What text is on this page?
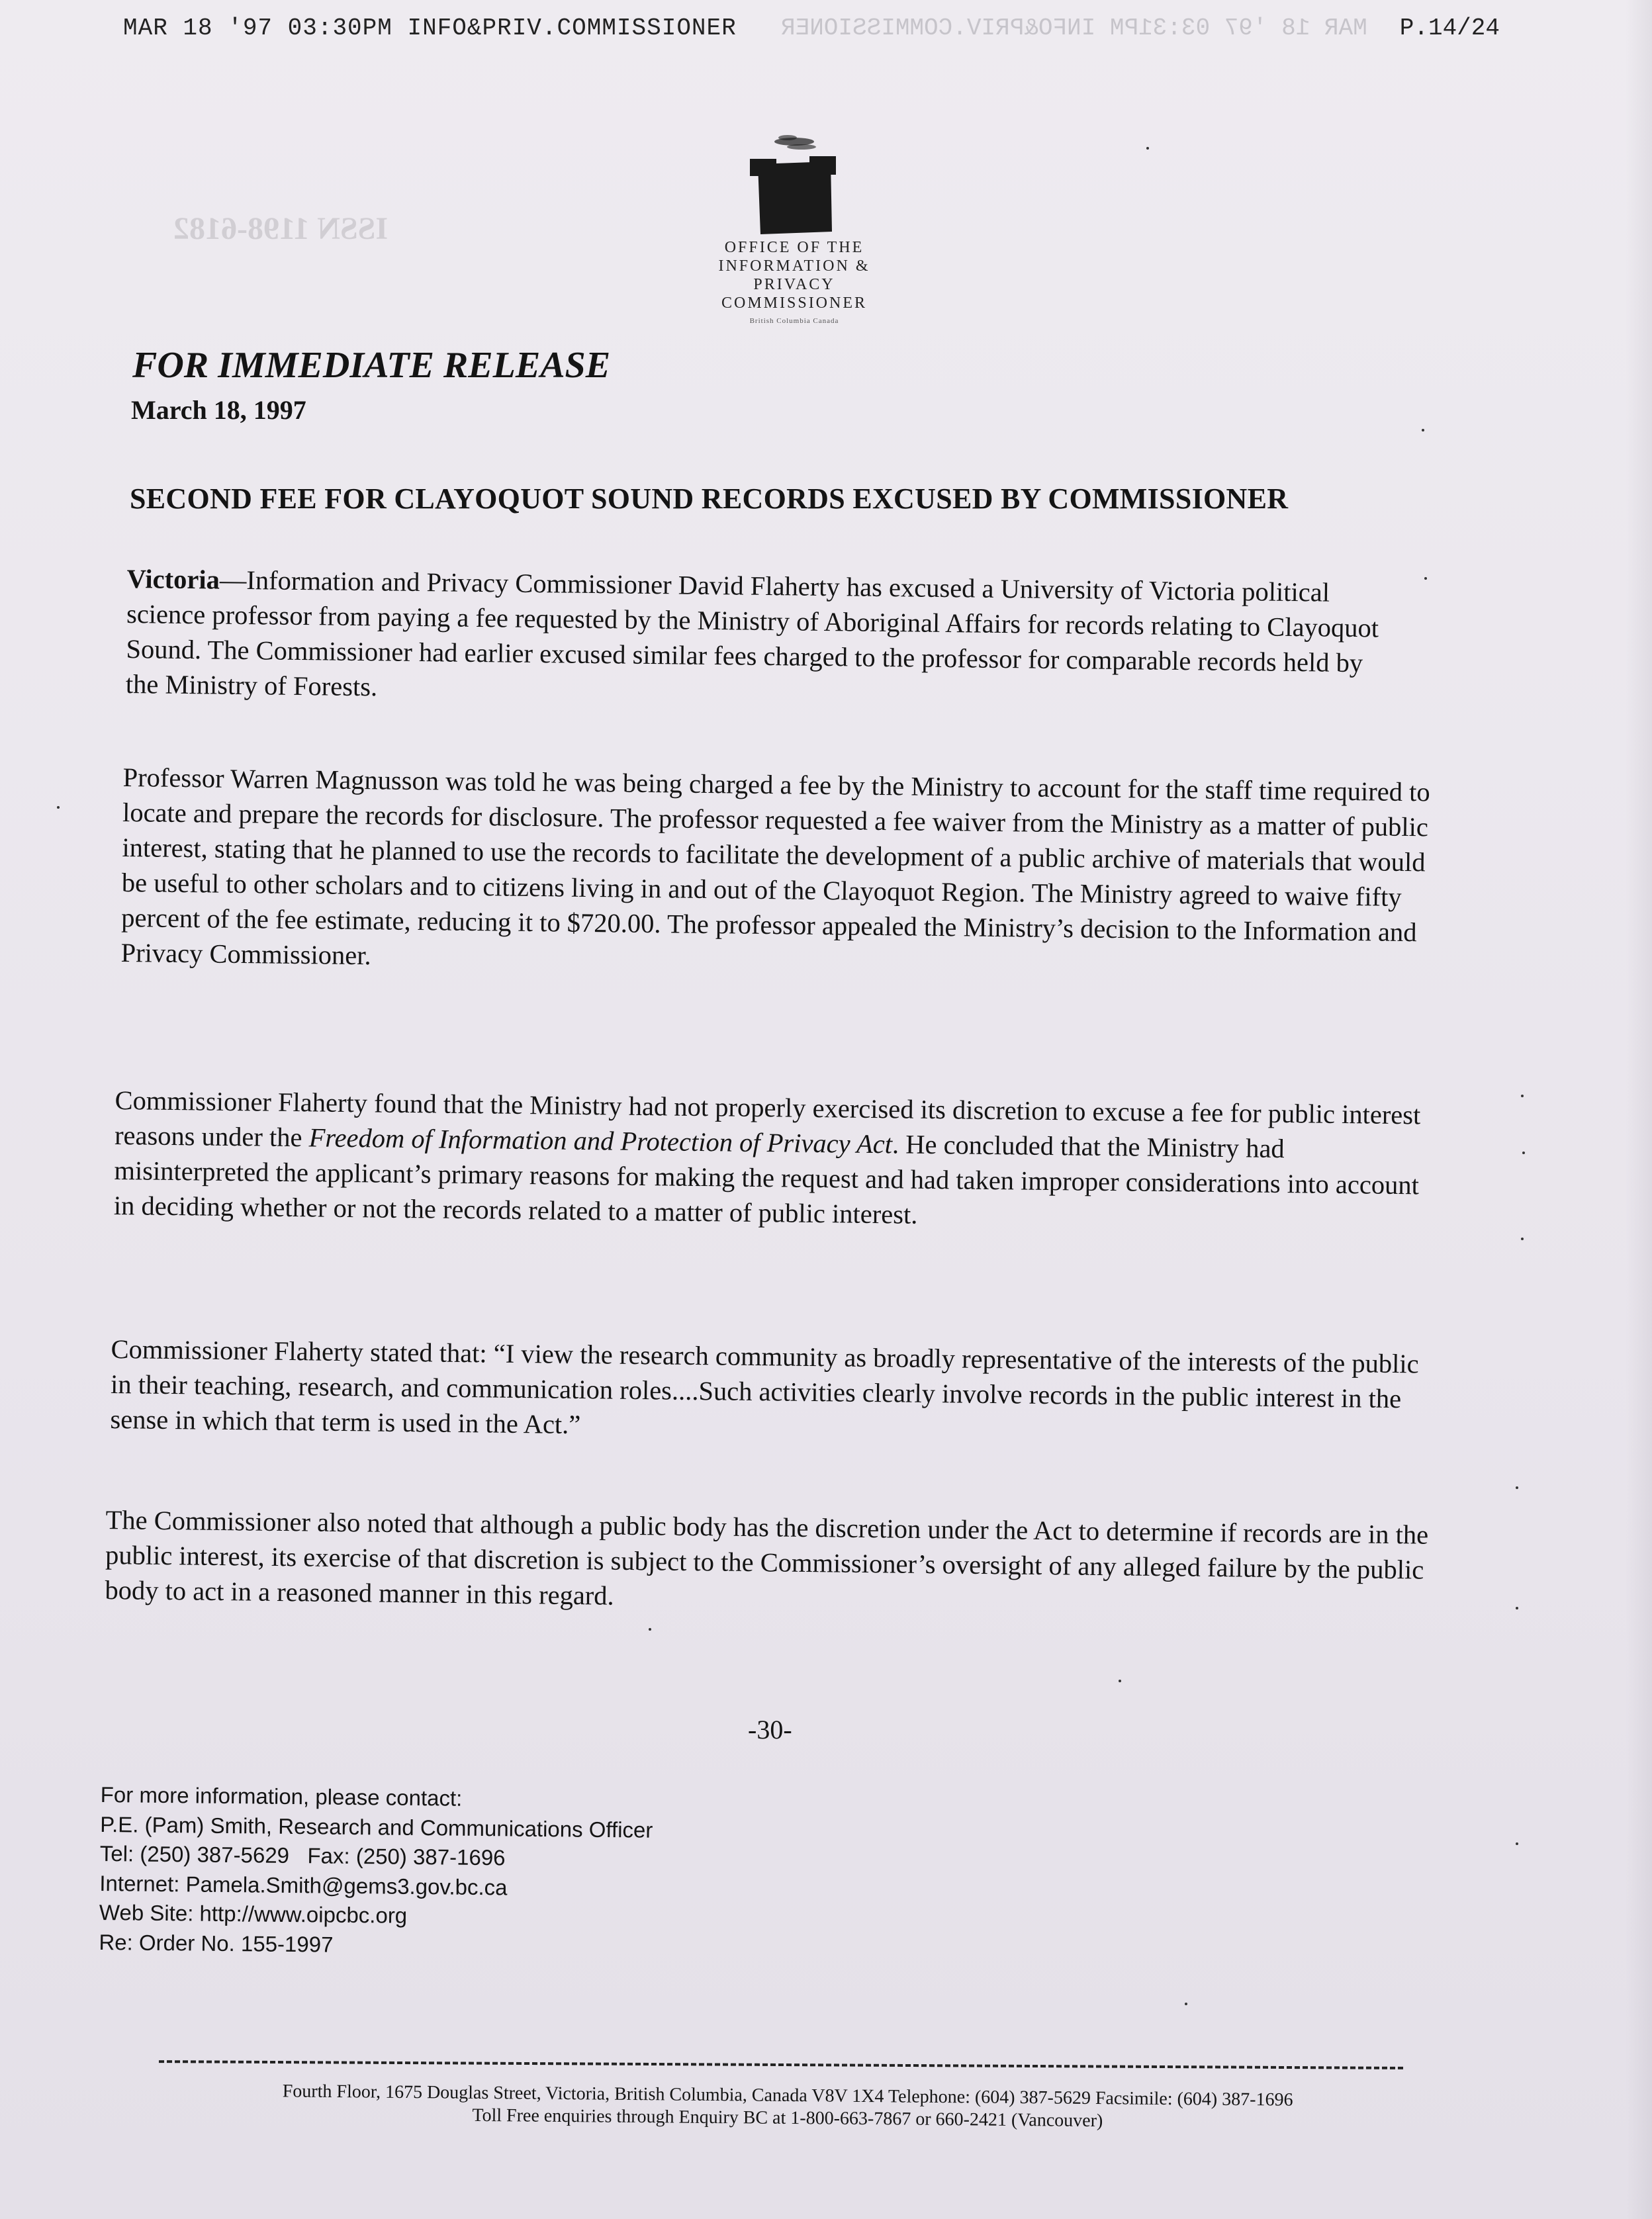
MAR 18 '97 03:31PM INFO&PRIV.COMMISSIONER
ISSN 1198-6182
MAR 18 '97 03:30PM INFO&PRIV.COMMISSIONER	P.14/24
OFFICE OF THE
INFORMATION & PRIVACY
COMMISSIONER
British Columbia Canada
FOR IMMEDIATE RELEASE
March 18, 1997
SECOND FEE FOR CLAYOQUOT SOUND RECORDS EXCUSED BY COMMISSIONER

Victoria—Information and Privacy Commissioner David Flaherty has excused a University of Victoria political science professor from paying a fee requested by the Ministry of Aboriginal Affairs for records relating to Clayoquot Sound. The Commissioner had earlier excused similar fees charged to the professor for comparable records held by the Ministry of Forests.

Professor Warren Magnusson was told he was being charged a fee by the Ministry to account for the staff time required to locate and prepare the records for disclosure. The professor requested a fee waiver from the Ministry as a matter of public interest, stating that he planned to use the records to facilitate the development of a public archive of materials that would be useful to other scholars and to citizens living in and out of the Clayoquot Region. The Ministry agreed to waive fifty percent of the fee estimate, reducing it to $720.00. The professor appealed the Ministry’s decision to the Information and Privacy Commissioner.

Commissioner Flaherty found that the Ministry had not properly exercised its discretion to excuse a fee for public interest reasons under the Freedom of Information and Protection of Privacy Act. He concluded that the Ministry had misinterpreted the applicant’s primary reasons for making the request and had taken improper considerations into account in deciding whether or not the records related to a matter of public interest.

Commissioner Flaherty stated that: “I view the research community as broadly representative of the interests of the public in their teaching, research, and communication roles....Such activities clearly involve records in the public interest in the sense in which that term is used in the Act.”

The Commissioner also noted that although a public body has the discretion under the Act to determine if records are in the public interest, its exercise of that discretion is subject to the Commissioner’s oversight of any alleged failure by the public body to act in a reasoned manner in this regard.

-30-
For more information, please contact:
P.E. (Pam) Smith, Research and Communications Officer
Tel: (250) 387-5629   Fax: (250) 387-1696
Internet: Pamela.Smith@gems3.gov.bc.ca
Web Site: http://www.oipcbc.org
Re: Order No. 155-1997
Fourth Floor, 1675 Douglas Street, Victoria, British Columbia, Canada V8V 1X4 Telephone: (604) 387-5629 Facsimile: (604) 387-1696
Toll Free enquiries through Enquiry BC at 1-800-663-7867 or 660-2421 (Vancouver)
